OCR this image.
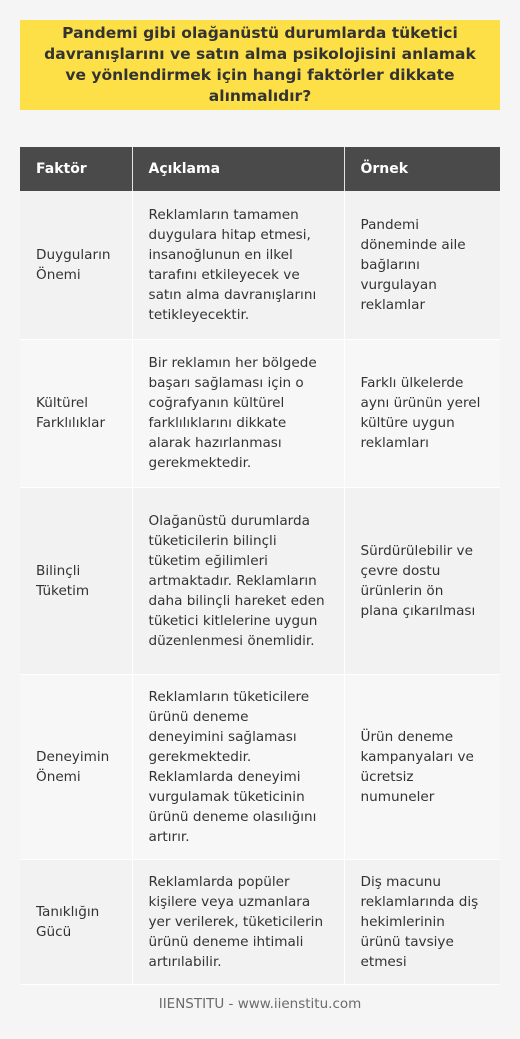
Pandemi gibi olağanüstü durumlarda tüketici davranışlarını ve satın alma psikolojisini anlamak ve yönlendirmek için hangi faktörler dikkate alınmalıdır?
Faktör	Açıklama	Örnek
Duyguların Önemi	Reklamların tamamen duygulara hitap etmesi, insanoğlunun en ilkel tarafını etkileyecek ve satın alma davranışlarını tetikleyecektir.	Pandemi döneminde aile bağlarını vurgulayan reklamlar
Kültürel Farklılıklar	Bir reklamın her bölgede başarı sağlaması için o coğrafyanın kültürel farklılıklarını dikkate alarak hazırlanması gerekmektedir.	Farklı ülkelerde aynı ürünün yerel kültüre uygun reklamları
Bilinçli Tüketim	Olağanüstü durumlarda tüketicilerin bilinçli tüketim eğilimleri artmaktadır. Reklamların daha bilinçli hareket eden tüketici kitlelerine uygun düzenlenmesi önemlidir.	Sürdürülebilir ve çevre dostu ürünlerin ön plana çıkarılması
Deneyimin Önemi	Reklamların tüketicilere ürünü deneme deneyimini sağlaması gerekmektedir. Reklamlarda deneyimi vurgulamak tüketicinin ürünü deneme olasılığını artırır.	Ürün deneme kampanyaları ve ücretsiz numuneler
Tanıklığın Gücü	Reklamlarda popüler kişilere veya uzmanlara yer verilerek, tüketicilerin ürünü deneme ihtimali artırılabilir.	Diş macunu reklamlarında diş hekimlerinin ürünü tavsiye etmesi
IIENSTITU - www.iienstitu.com
